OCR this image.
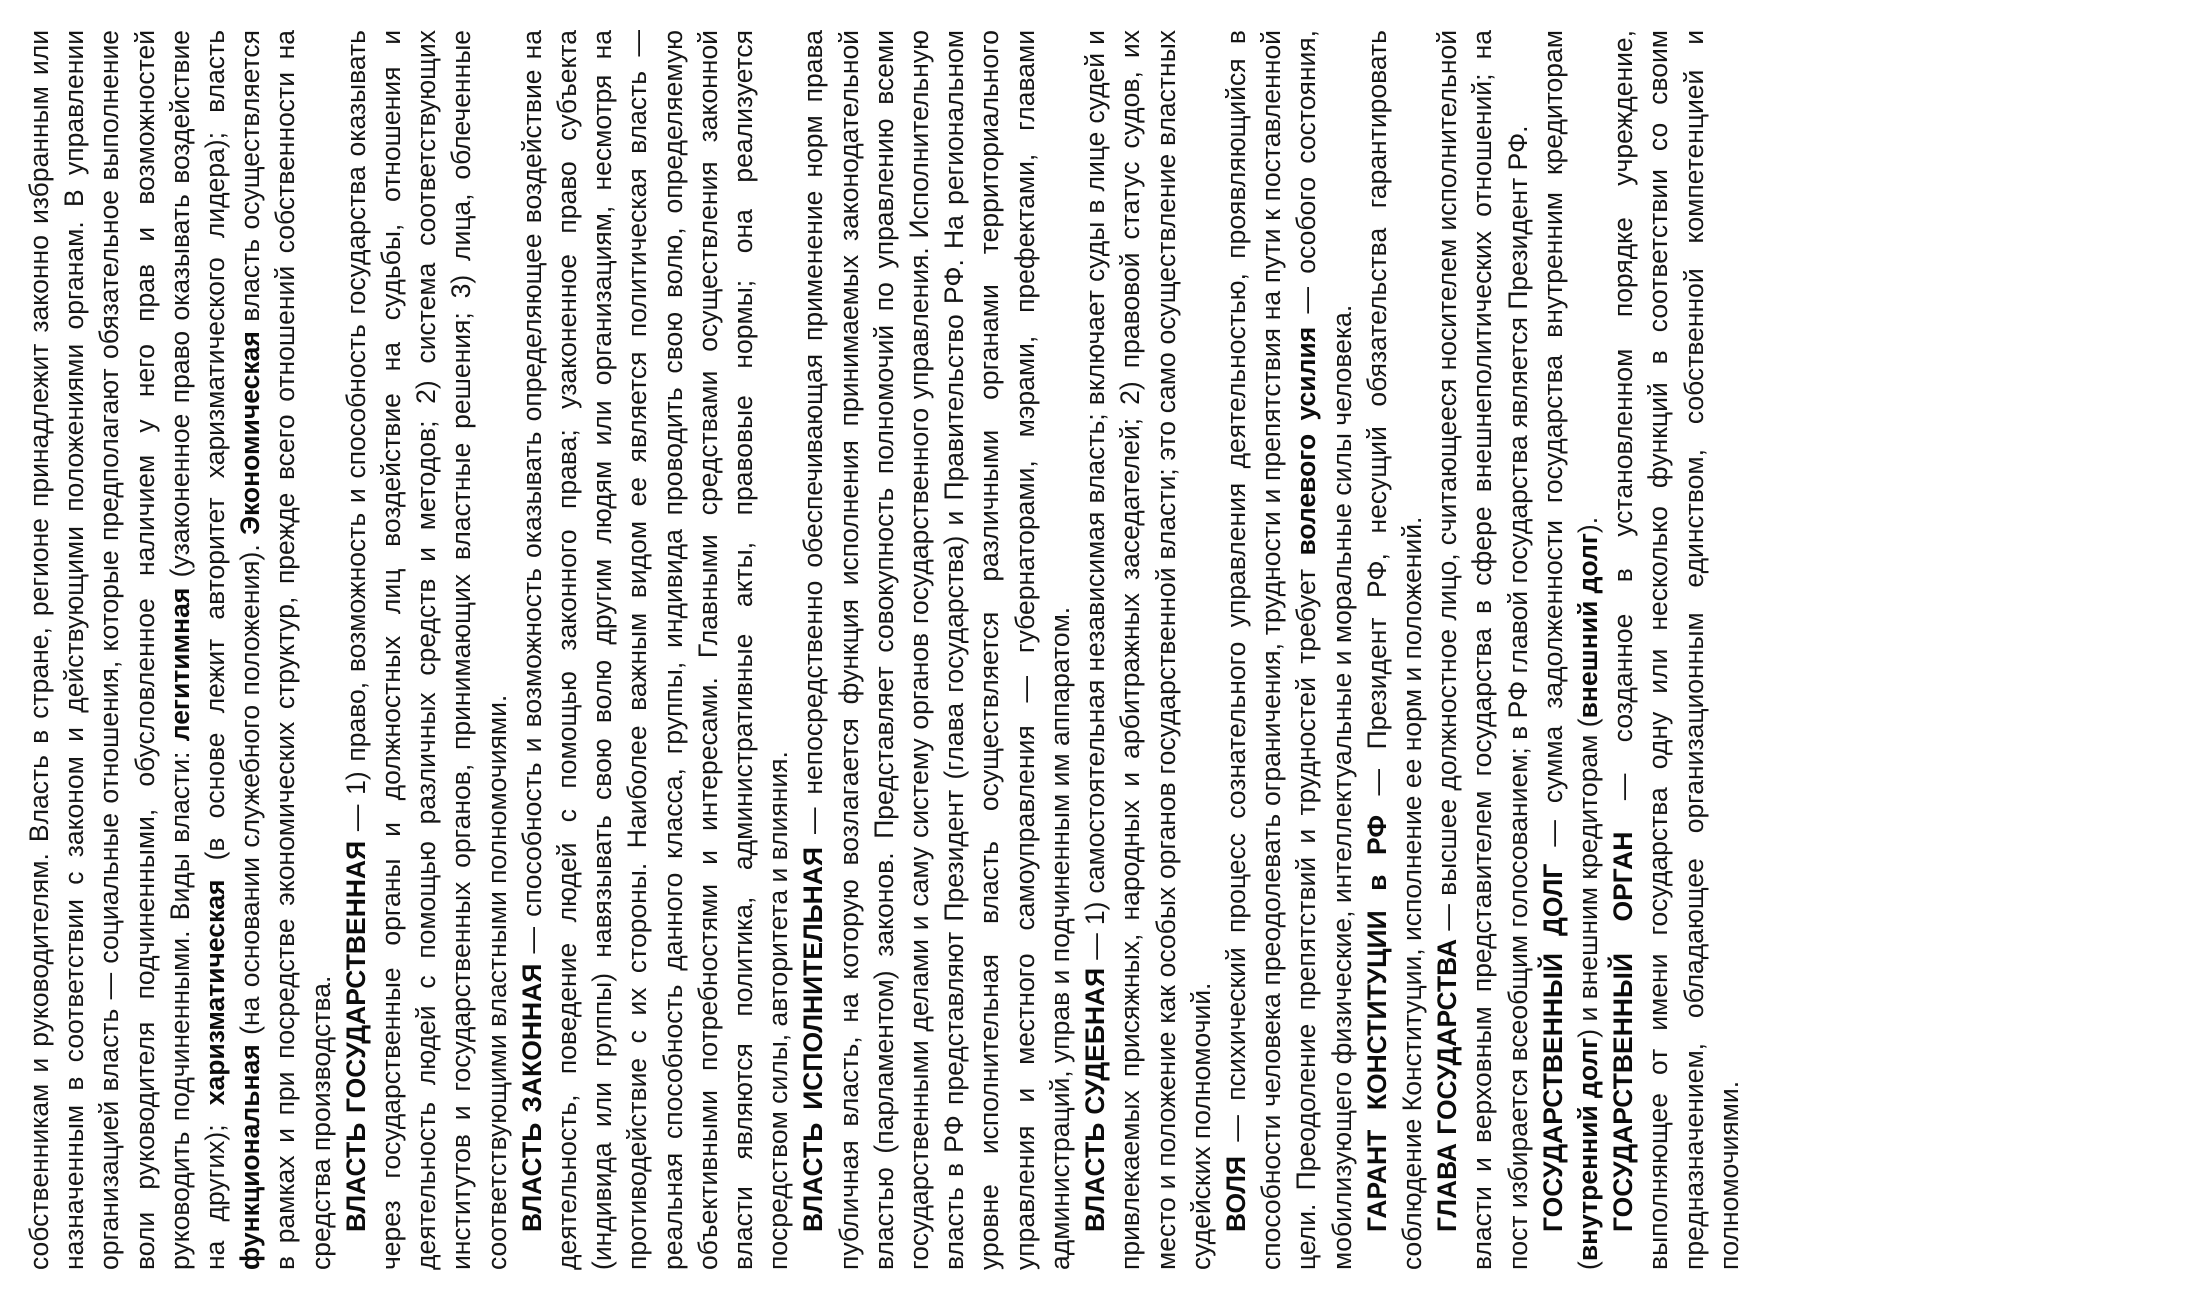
собственникам и руководителям. Власть в стране, регионе принадлежит законно избранным или назначенным в соответствии с законом и действующими положениями органам. В управлении организацией власть — социальные отношения, которые предполагают обязательное выполнение воли руководителя подчиненными, обусловленное наличием у него прав и возможностей руководить подчиненными. Виды власти: легитимная (узаконенное право оказывать воздействие на других); харизматическая (в основе лежит авторитет харизматического лидера); власть функциональная (на основании служебного положения). Экономическая власть осуществляется в рамках и при посредстве экономических структур, прежде всего отношений собственности на средства производства. ВЛАСТЬ ГОСУДАРСТВЕННАЯ — 1) право, возможность и способность государства оказывать через государственные органы и должностных лиц воздействие на судьбы, отношения и деятельность людей с помощью различных средств и методов; 2) система соответствующих институтов и государственных органов, принимающих властные решения; 3) лица, облеченные соответствующими властными полномочиями. ВЛАСТЬ ЗАКОННАЯ — способность и возможность оказывать определяющее воздействие на деятельность, поведение людей с помощью законного права; узаконенное право субъекта (индивида или группы) навязывать свою волю другим людям или организациям, несмотря на противодействие с их стороны. Наиболее важным видом ее является политическая власть — реальная способность данного класса, группы, индивида проводить свою волю, определяемую объективными потребностями и интересами. Главными средствами осуществления законной власти являются политика, административные акты, правовые нормы; она реализуется посредством силы, авторитета и влияния. ВЛАСТЬ ИСПОЛНИТЕЛЬНАЯ — непосредственно обеспечивающая применение норм права публичная власть, на которую возлагается функция исполнения принимаемых законодательной властью (парламентом) законов. Представляет совокупность полномочий по управлению всеми государственными делами и саму систему органов государственного управления. Исполнительную власть в РФ представляют Президент (глава государства) и Правительство РФ. На региональном уровне исполнительная власть осуществляется различными органами территориального управления и местного самоуправления — губернаторами, мэрами, префектами, главами администраций, управ и подчиненным им аппаратом. ВЛАСТЬ СУДЕБНАЯ — 1) самостоятельная независимая власть; включает суды в лице судей и привлекаемых присяжных, народных и арбитражных заседателей; 2) правовой статус судов, их место и положение как особых органов государственной власти; это само осуществление властных судейских полномочий. ВОЛЯ — психический процесс сознательного управления деятельностью, проявляющийся в способности человека преодолевать ограничения, трудности и препятствия на пути к поставленной цели. Преодоление препятствий и трудностей требует волевого усилия — особого состояния, мобилизующего физические, интеллектуальные и моральные силы человека. ГАРАНТ КОНСТИТУЦИИ в РФ — Президент РФ, несущий обязательства гарантировать соблюдение Конституции, исполнение ее норм и положений. ГЛАВА ГОСУДАРСТВА — высшее должностное лицо, считающееся носителем исполнительной власти и верховным представителем государства в сфере внешнеполитических отношений; на пост избирается всеобщим голосованием; в РФ главой государства является Президент РФ. ГОСУДАРСТВЕННЫЙ ДОЛГ — сумма задолженности государства внутренним кредиторам (внутренний долг) и внешним кредиторам (внешний долг).

ГОСУДАРСТВЕННЫЙ ОРГАН — созданное в установленном порядке учреждение, выполняющее от имени государства одну или несколько функций в соответствии со своим предназначением, обладающее организационным единством, собственной компетенцией и полномочиями.
